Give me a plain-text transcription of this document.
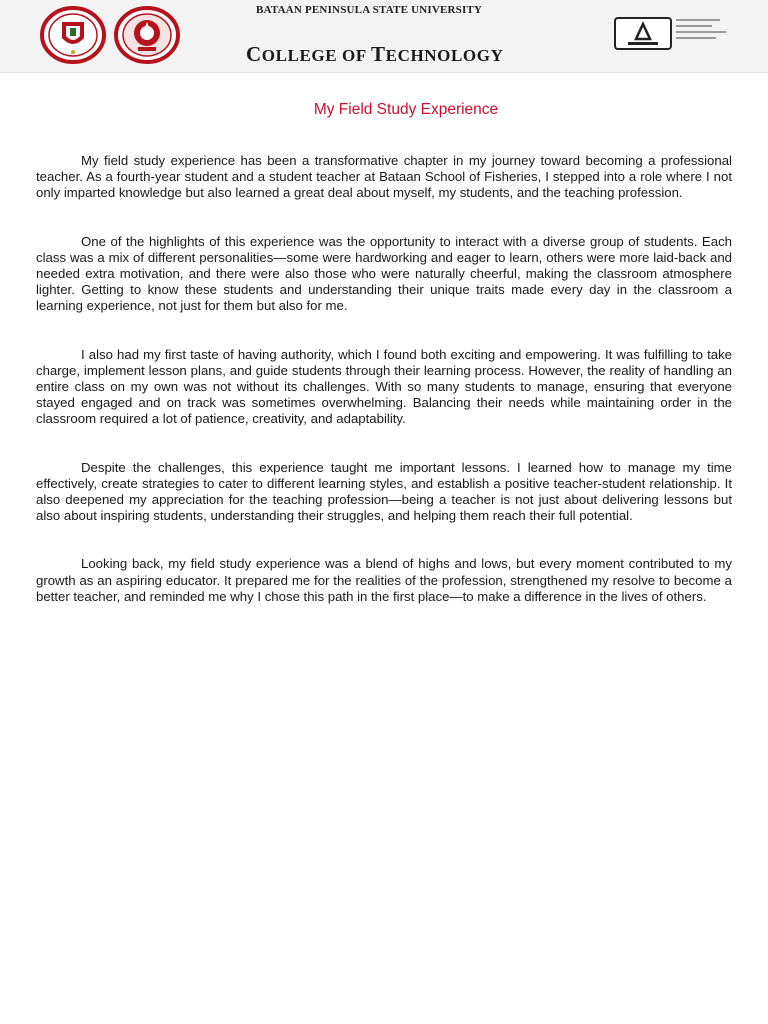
BATAAN PENINSULA STATE UNIVERSITY
COLLEGE OF TECHNOLOGY
My Field Study Experience

My field study experience has been a transformative chapter in my journey toward becoming a professional teacher. As a fourth-year student and a student teacher at Bataan School of Fisheries, I stepped into a role where I not only imparted knowledge but also learned a great deal about myself, my students, and the teaching profession.

One of the highlights of this experience was the opportunity to interact with a diverse group of students. Each class was a mix of different personalities—some were hardworking and eager to learn, others were more laid-back and needed extra motivation, and there were also those who were naturally cheerful, making the classroom atmosphere lighter. Getting to know these students and understanding their unique traits made every day in the classroom a learning experience, not just for them but also for me.

I also had my first taste of having authority, which I found both exciting and empowering. It was fulfilling to take charge, implement lesson plans, and guide students through their learning process. However, the reality of handling an entire class on my own was not without its challenges. With so many students to manage, ensuring that everyone stayed engaged and on track was sometimes overwhelming. Balancing their needs while maintaining order in the classroom required a lot of patience, creativity, and adaptability.

Despite the challenges, this experience taught me important lessons. I learned how to manage my time effectively, create strategies to cater to different learning styles, and establish a positive teacher-student relationship. It also deepened my appreciation for the teaching profession—being a teacher is not just about delivering lessons but also about inspiring students, understanding their struggles, and helping them reach their full potential.

Looking back, my field study experience was a blend of highs and lows, but every moment contributed to my growth as an aspiring educator. It prepared me for the realities of the profession, strengthened my resolve to become a better teacher, and reminded me why I chose this path in the first place—to make a difference in the lives of others.
